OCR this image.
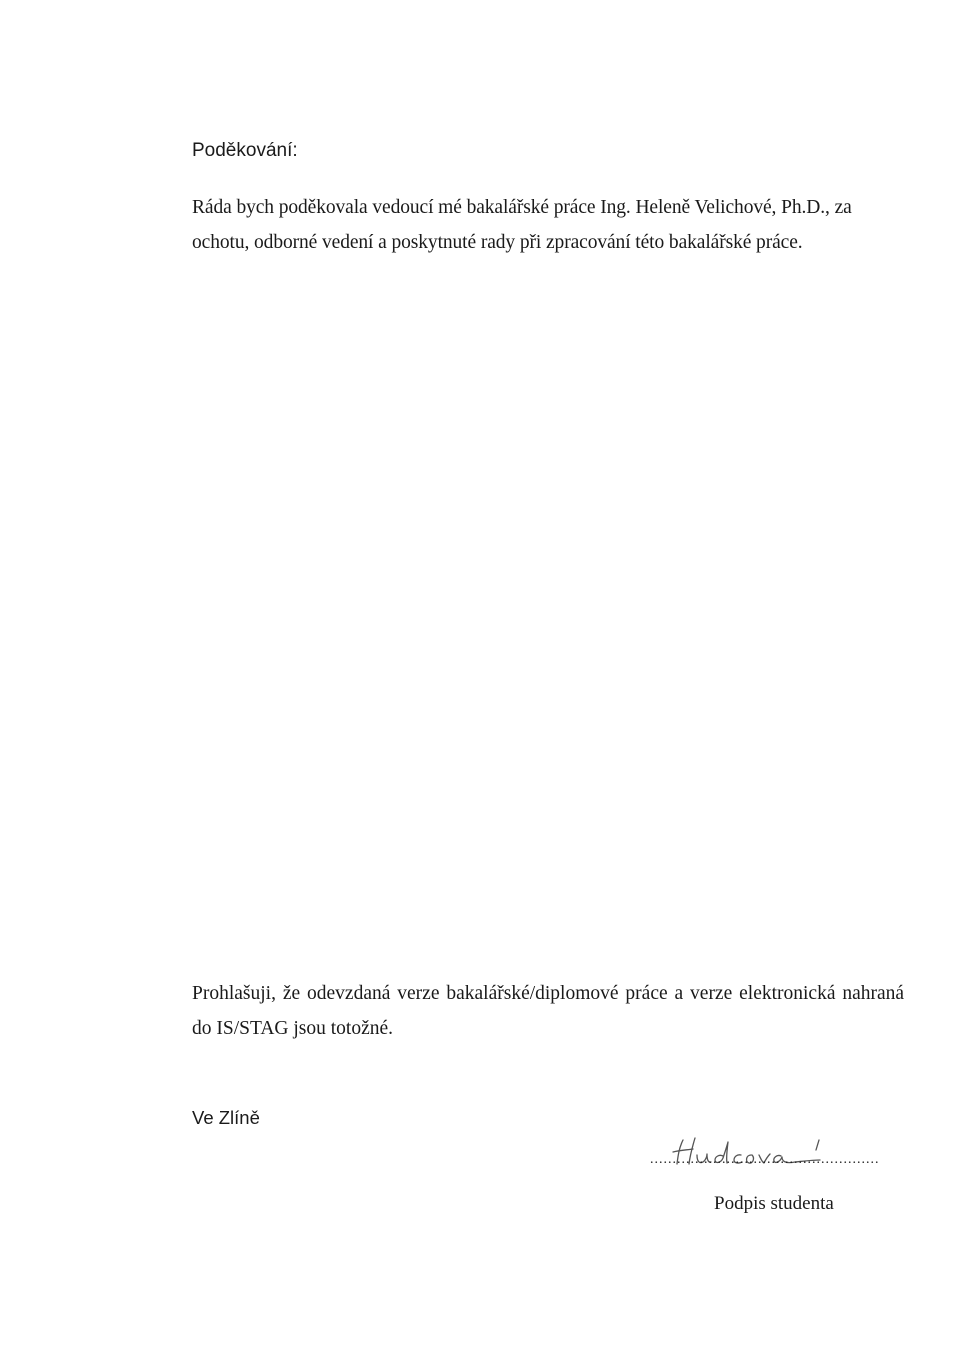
Poděkování:
Ráda bych poděkovala vedoucí mé bakalářské práce Ing. Heleně Velichové, Ph.D., za
ochotu, odborné vedení a poskytnuté rady při zpracování této bakalářské práce.
Prohlašuji, že odevzdaná verze bakalářské/diplomové práce a verze elektronická nahraná
do IS/STAG jsou totožné.
Ve Zlíně
...................................................
Podpis studenta
